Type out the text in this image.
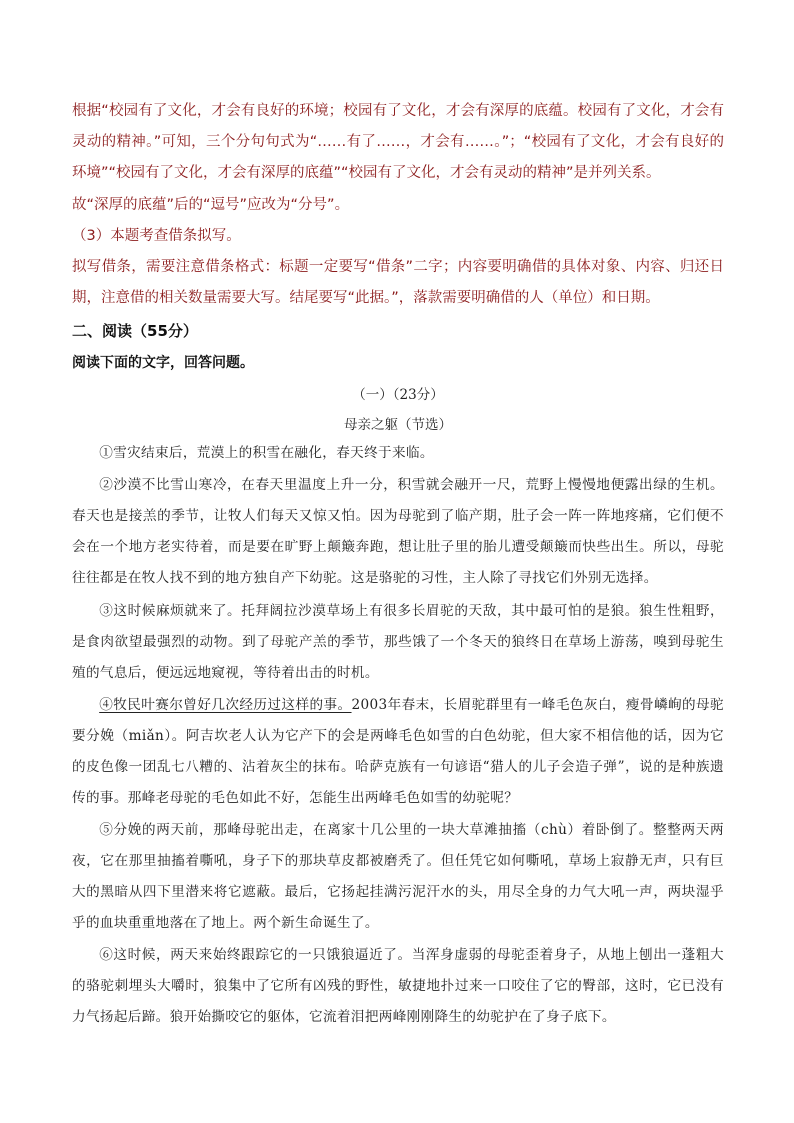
根据“校园有了文化，才会有良好的环境；校园有了文化，才会有深厚的底蕴。校园有了文化，才会有灵动的精神。”可知，三个分句句式为“……有了……，才会有……。”；“校园有了文化，才会有良好的环境”“校园有了文化，才会有深厚的底蕴”“校园有了文化，才会有灵动的精神”是并列关系。

故“深厚的底蕴”后的“逗号”应改为“分号”。

（3）本题考查借条拟写。

拟写借条，需要注意借条格式：标题一定要写“借条”二字；内容要明确借的具体对象、内容、归还日期，注意借的相关数量需要大写。结尾要写“此据。”，落款需要明确借的人（单位）和日期。

二、阅读（55分）

阅读下面的文字，回答问题。

（一）（23分）

母亲之躯（节选）

①雪灾结束后，荒漠上的积雪在融化，春天终于来临。

②沙漠不比雪山寒冷，在春天里温度上升一分，积雪就会融开一尺，荒野上慢慢地便露出绿的生机。春天也是接羔的季节，让牧人们每天又惊又怕。因为母驼到了临产期，肚子会一阵一阵地疼痛，它们便不会在一个地方老实待着，而是要在旷野上颠簸奔跑，想让肚子里的胎儿遭受颠簸而快些出生。所以，母驼往往都是在牧人找不到的地方独自产下幼驼。这是骆驼的习性，主人除了寻找它们外别无选择。

③这时候麻烦就来了。托拜阔拉沙漠草场上有很多长眉驼的天敌，其中最可怕的是狼。狼生性粗野，是食肉欲望最强烈的动物。到了母驼产羔的季节，那些饿了一个冬天的狼终日在草场上游荡，嗅到母驼生殖的气息后，便远远地窥视，等待着出击的时机。

④牧民叶赛尔曾好几次经历过这样的事。2003年春末，长眉驼群里有一峰毛色灰白，瘦骨嶙峋的母驼要分娩（miǎn）。阿吉坎老人认为它产下的会是两峰毛色如雪的白色幼驼，但大家不相信他的话，因为它的皮色像一团乱七八糟的、沾着灰尘的抹布。哈萨克族有一句谚语“猎人的儿子会造子弹”，说的是种族遗传的事。那峰老母驼的毛色如此不好，怎能生出两峰毛色如雪的幼驼呢？

⑤分娩的两天前，那峰母驼出走，在离家十几公里的一块大草滩抽搐（chù）着卧倒了。整整两天两夜，它在那里抽搐着嘶吼，身子下的那块草皮都被磨秃了。但任凭它如何嘶吼，草场上寂静无声，只有巨大的黑暗从四下里潜来将它遮蔽。最后，它扬起挂满污泥汗水的头，用尽全身的力气大吼一声，两块湿乎乎的血块重重地落在了地上。两个新生命诞生了。

⑥这时候，两天来始终跟踪它的一只饿狼逼近了。当浑身虚弱的母驼歪着身子，从地上刨出一蓬粗大的骆驼刺埋头大嚼时，狼集中了它所有凶残的野性，敏捷地扑过来一口咬住了它的臀部，这时，它已没有力气扬起后蹄。狼开始撕咬它的躯体，它流着泪把两峰刚刚降生的幼驼护在了身子底下。
